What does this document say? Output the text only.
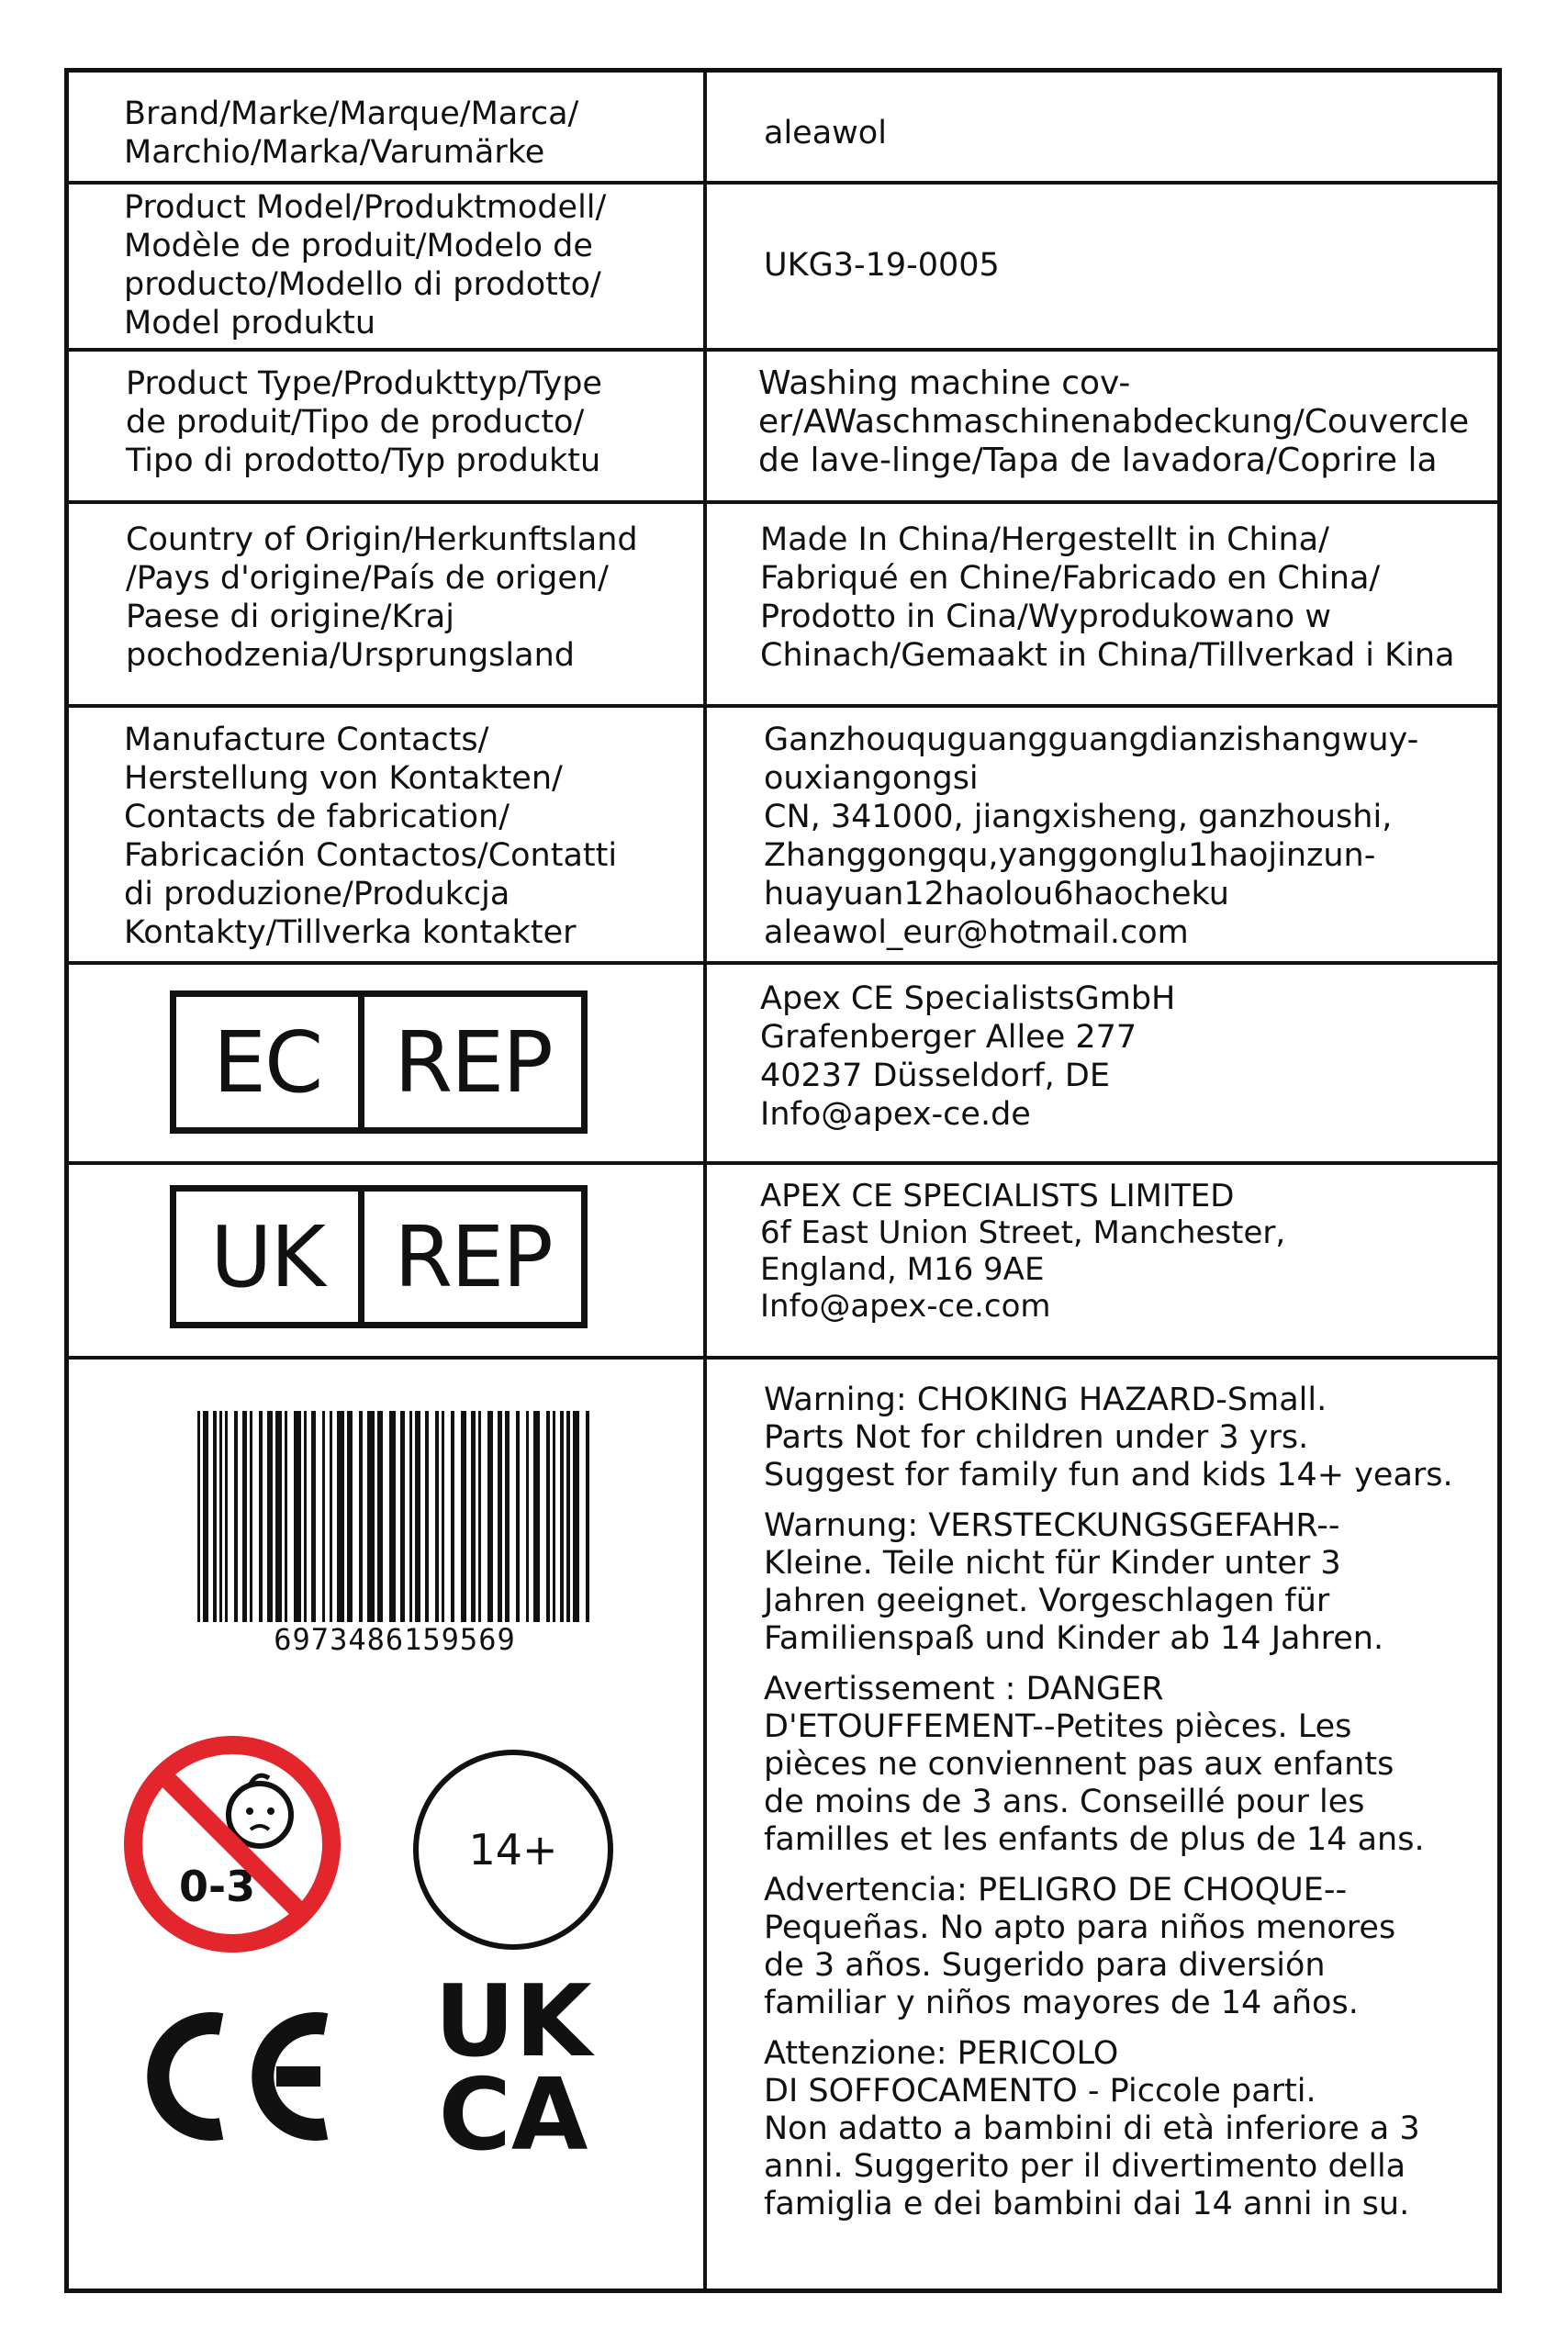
Brand/Marke/Marque/Marca/
Marchio/Marka/Varumärke
aleawol
Product Model/Produktmodell/
Modèle de produit/Modelo de
producto/Modello di prodotto/
Model produktu
UKG3-19-0005
Product Type/Produkttyp/Type
de produit/Tipo de producto/
Tipo di prodotto/Typ produktu
Washing machine cov-
er/AWaschmaschinenabdeckung/Couvercle
de lave-linge/Tapa de lavadora/Coprire la
Country of Origin/Herkunftsland
/Pays d'origine/País de origen/
Paese di origine/Kraj
pochodzenia/Ursprungsland
Made In China/Hergestellt in China/
Fabriqué en Chine/Fabricado en China/
Prodotto in Cina/Wyprodukowano w
Chinach/Gemaakt in China/Tillverkad i Kina
Manufacture Contacts/
Herstellung von Kontakten/
Contacts de fabrication/
Fabricación Contactos/Contatti
di produzione/Produkcja
Kontakty/Tillverka kontakter
Ganzhouquguangguangdianzishangwuy-
ouxiangongsi
CN, 341000, jiangxisheng, ganzhoushi,
Zhanggongqu,yanggonglu1haojinzun-
huayuan12haolou6haocheku
aleawol_eur@hotmail.com
EC REP
Apex CE SpecialistsGmbH
Grafenberger Allee 277
40237 Düsseldorf, DE
Info@apex-ce.de
UK REP
APEX CE SPECIALISTS LIMITED
6f East Union Street, Manchester,
England, M16 9AE
Info@apex-ce.com
6973486159569
0-3
14+
UK
CA

Warning: CHOKING HAZARD-Small.
Parts Not for children under 3 yrs.
Suggest for family fun and kids 14+ years.

Warnung: VERSTECKUNGSGEFAHR--
Kleine. Teile nicht für Kinder unter 3
Jahren geeignet. Vorgeschlagen für
Familienspaß und Kinder ab 14 Jahren.

Avertissement : DANGER
D'ETOUFFEMENT--Petites pièces. Les
pièces ne conviennent pas aux enfants
de moins de 3 ans. Conseillé pour les
familles et les enfants de plus de 14 ans.

Advertencia: PELIGRO DE CHOQUE--
Pequeñas. No apto para niños menores
de 3 años. Sugerido para diversión
familiar y niños mayores de 14 años.

Attenzione: PERICOLO
DI SOFFOCAMENTO - Piccole parti.
Non adatto a bambini di età inferiore a 3
anni. Suggerito per il divertimento della
famiglia e dei bambini dai 14 anni in su.
